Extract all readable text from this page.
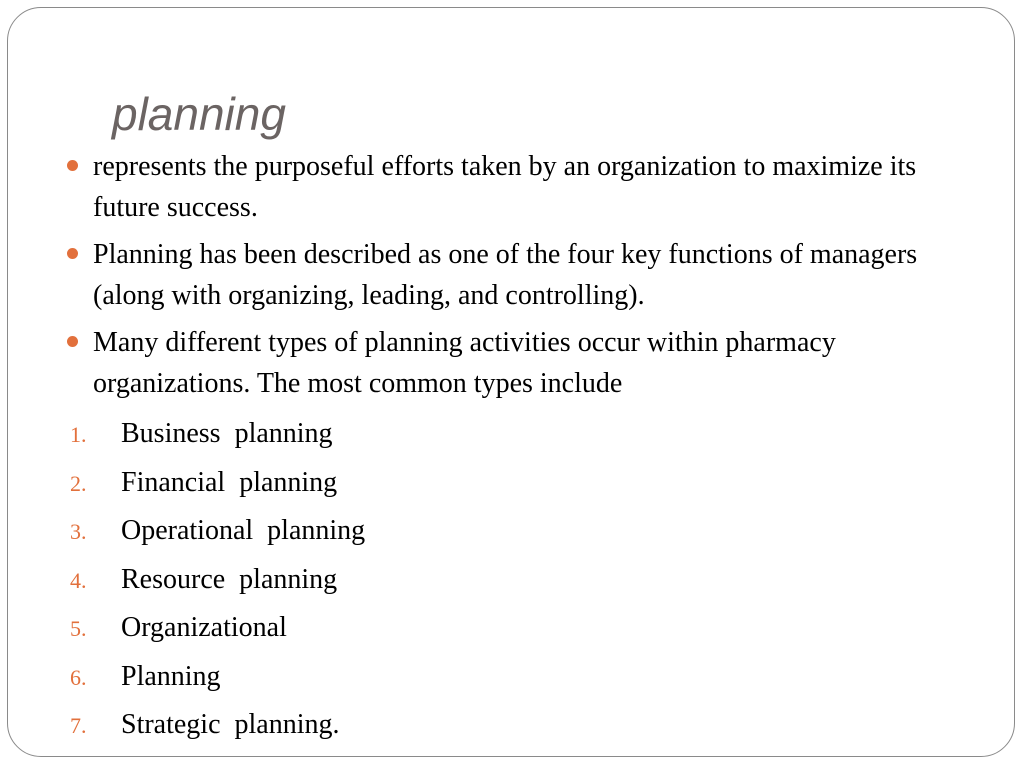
planning
represents the purposeful efforts taken by an organization to maximize its future success.
Planning has been described as one of the four key functions of managers (along with organizing, leading, and controlling).
Many different types of planning activities occur within pharmacy organizations. The most common types include

1.

Business  planning

2.

Financial  planning

3.

Operational  planning

4.

Resource  planning

5.

Organizational

6.

Planning

7.

Strategic  planning.
